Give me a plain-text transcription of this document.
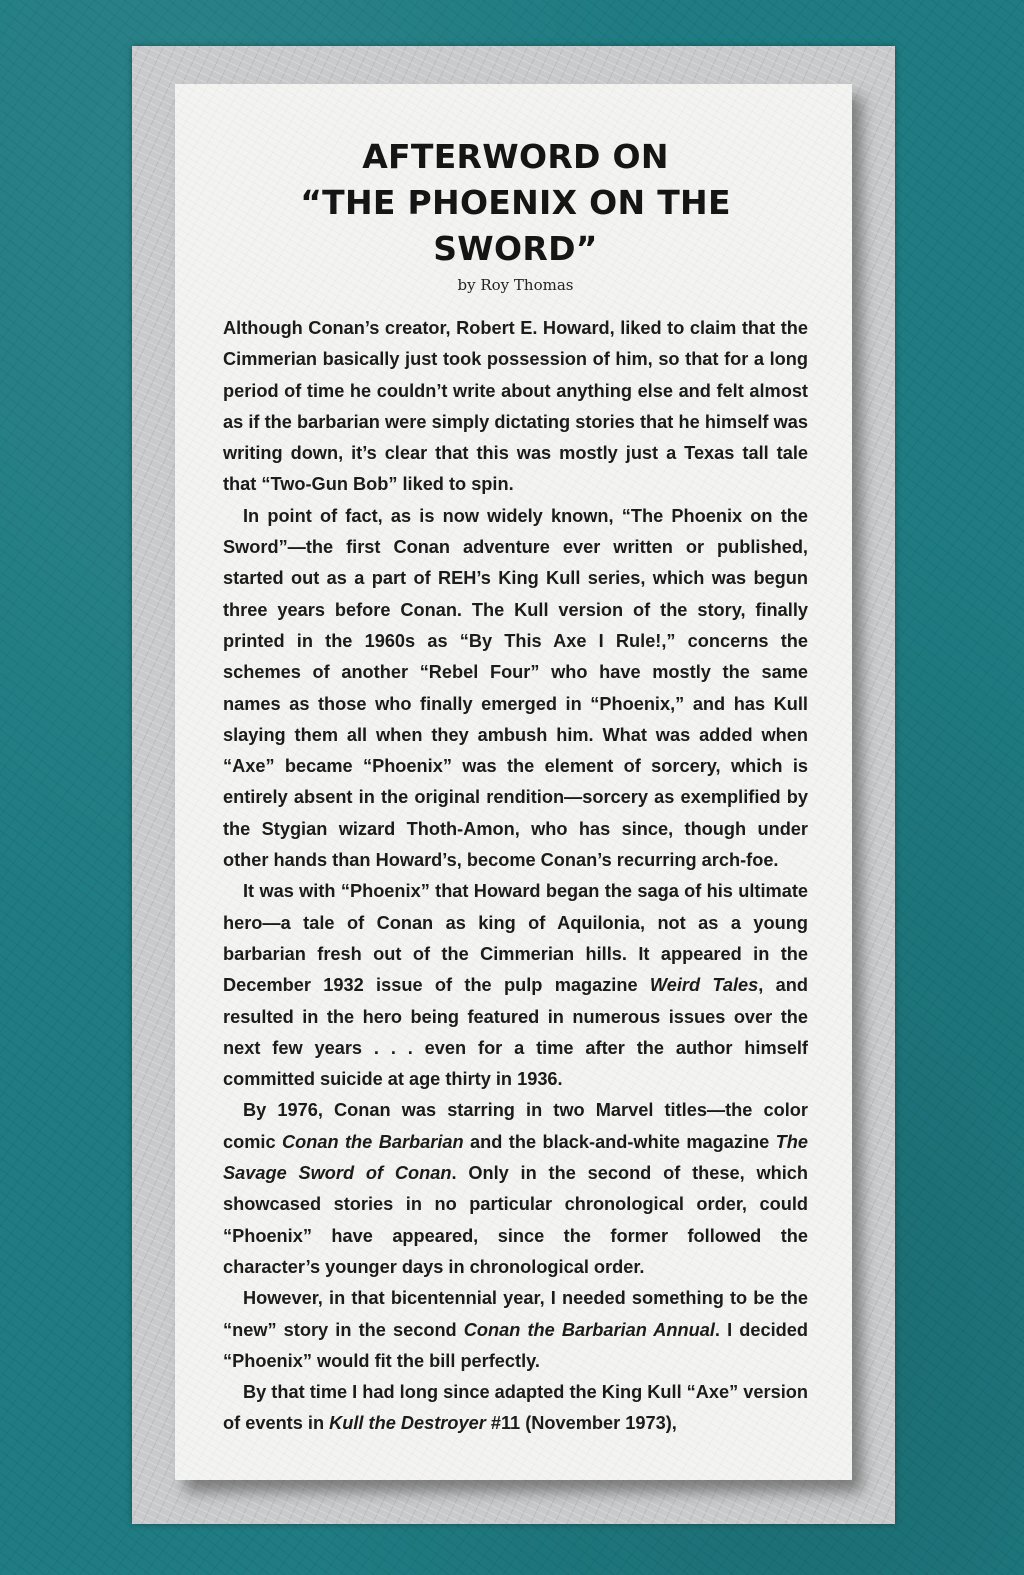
AFTERWORD ON
“THE PHOENIX ON THE SWORD”
by Roy Thomas

Although Conan’s creator, Robert E. Howard, liked to claim that the Cimmerian basically just took possession of him, so that for a long period of time he couldn’t write about anything else and felt almost as if the barbarian were simply dictating stories that he himself was writing down, it’s clear that this was mostly just a Texas tall tale that “Two-Gun Bob” liked to spin.

In point of fact, as is now widely known, “The Phoenix on the Sword”—the first Conan adventure ever written or published, started out as a part of REH’s King Kull series, which was begun three years before Conan. The Kull version of the story, finally printed in the 1960s as “By This Axe I Rule!,” concerns the schemes of another “Rebel Four” who have mostly the same names as those who finally emerged in “Phoenix,” and has Kull slaying them all when they ambush him. What was added when “Axe” became “Phoenix” was the element of sorcery, which is entirely absent in the original rendition—sorcery as exemplified by the Stygian wizard Thoth-Amon, who has since, though under other hands than Howard’s, become Conan’s recurring arch-foe.

It was with “Phoenix” that Howard began the saga of his ultimate hero—a tale of Conan as king of Aquilonia, not as a young barbarian fresh out of the Cimmerian hills. It appeared in the December 1932 issue of the pulp magazine Weird Tales, and resulted in the hero being featured in numerous issues over the next few years . . . even for a time after the author himself committed suicide at age thirty in 1936.

By 1976, Conan was starring in two Marvel titles—the color comic Conan the Barbarian and the black-and-white magazine The Savage Sword of Conan. Only in the second of these, which showcased stories in no particular chronological order, could “Phoenix” have appeared, since the former followed the character’s younger days in chronological order.

However, in that bicentennial year, I needed something to be the “new” story in the second Conan the Barbarian Annual. I decided “Phoenix” would fit the bill perfectly.

By that time I had long since adapted the King Kull “Axe” version of events in Kull the Destroyer #11 (November 1973),
